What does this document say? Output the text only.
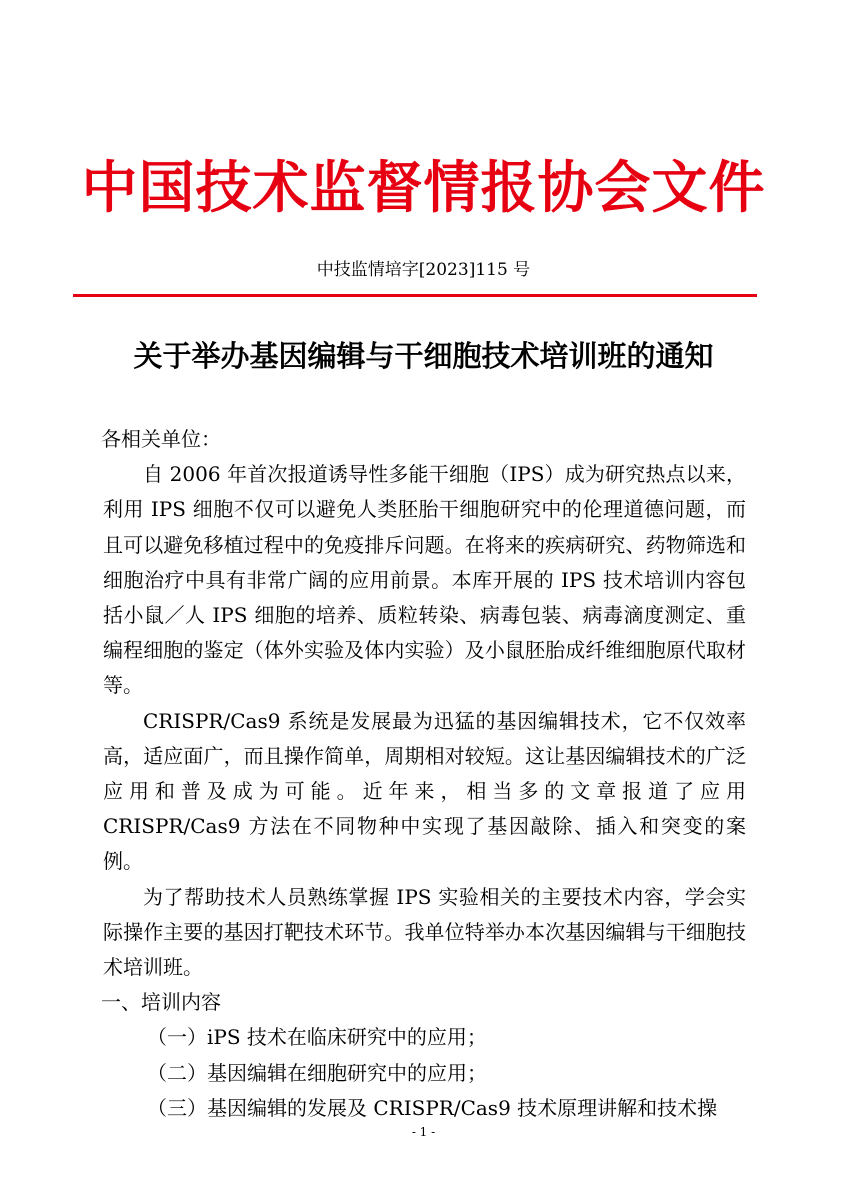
中国技术监督情报协会文件
中技监情培字[2023]115 号
关于举办基因编辑与干细胞技术培训班的通知

各相关单位：

自 2006 年首次报道诱导性多能干细胞（IPS）成为研究热点以来，利用 IPS 细胞不仅可以避免人类胚胎干细胞研究中的伦理道德问题，而且可以避免移植过程中的免疫排斥问题。在将来的疾病研究、药物筛选和细胞治疗中具有非常广阔的应用前景。本库开展的 IPS 技术培训内容包括小鼠／人 IPS 细胞的培养、质粒转染、病毒包装、病毒滴度测定、重编程细胞的鉴定（体外实验及体内实验）及小鼠胚胎成纤维细胞原代取材等。

CRISPR/Cas9 系统是发展最为迅猛的基因编辑技术，它不仅效率高，适应面广，而且操作简单，周期相对较短。这让基因编辑技术的广泛应用和普及成为可能。近年来，相当多的文章报道了应用 CRISPR/Cas9 方法在不同物种中实现了基因敲除、插入和突变的案例。

为了帮助技术人员熟练掌握 IPS 实验相关的主要技术内容，学会实际操作主要的基因打靶技术环节。我单位特举办本次基因编辑与干细胞技术培训班。

一、培训内容

（一）iPS 技术在临床研究中的应用；

（二）基因编辑在细胞研究中的应用；

（三）基因编辑的发展及 CRISPR/Cas9 技术原理讲解和技术操

- 1 -
